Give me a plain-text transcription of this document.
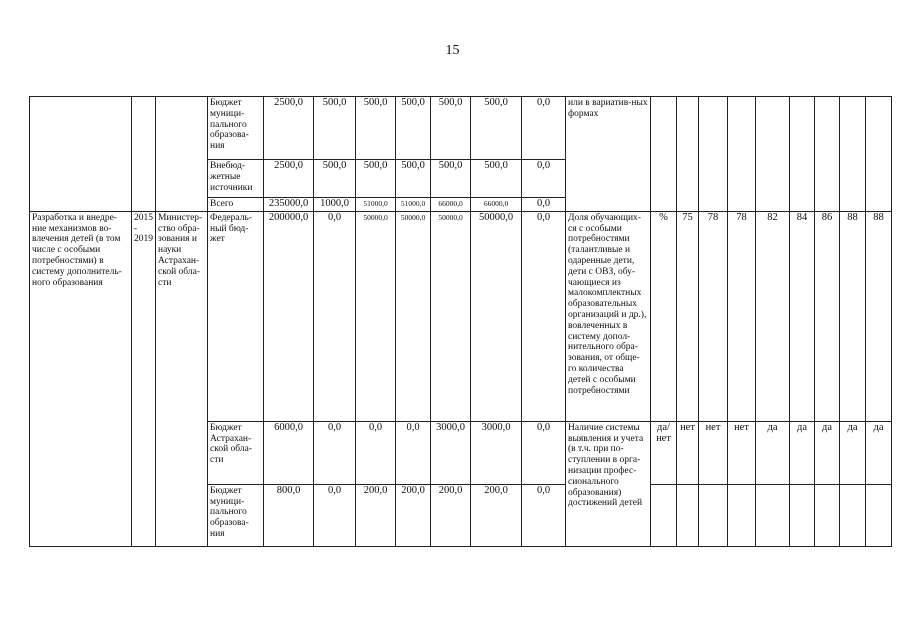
15
			Бюджет муници-пального образова-ния	2500,0	500,0	500,0	500,0	500,0	500,0	0,0	или в вариатив-ных формах									
			Внебюд-жетные источники	2500,0	500,0	500,0	500,0	500,0	500,0	0,0										
			Всего	235000,0	1000,0	51000,0	51000,0	66000,0	66000,0	0,0										
Разработка и внедре-ние механизмов во-влечения детей (в том числе с особыми потребностями) в систему дополнитель-ного образования	2015 - 2019	Министер-ство обра-зования и науки Астрахан-ской обла-сти	Федераль-ный бюд-жет	200000,0	0,0	50000,0	50000,0	50000,0	50000,0	0,0	Доля обучающих-ся с особыми потребностями (талантливые и одаренные дети, дети с ОВЗ, обу-чающиеся из малокомплектных образовательных организаций и др.), вовлеченных в систему допол-нительного обра-зования, от обще-го количества детей с особыми потребностями	%	75	78	78	82	84	86	88	88
			Бюджет Астрахан-ской обла-сти	6000,0	0,0	0,0	0,0	3000,0	3000,0	0,0	Наличие системы выявления и учета (в т.ч. при по-ступлении в орга-низации профес-сионального образования) достижений детей	да/ нет	нет	нет	нет	да	да	да	да	да
			Бюджет муници-пального образова-ния	800,0	0,0	200,0	200,0	200,0	200,0	0,0										
